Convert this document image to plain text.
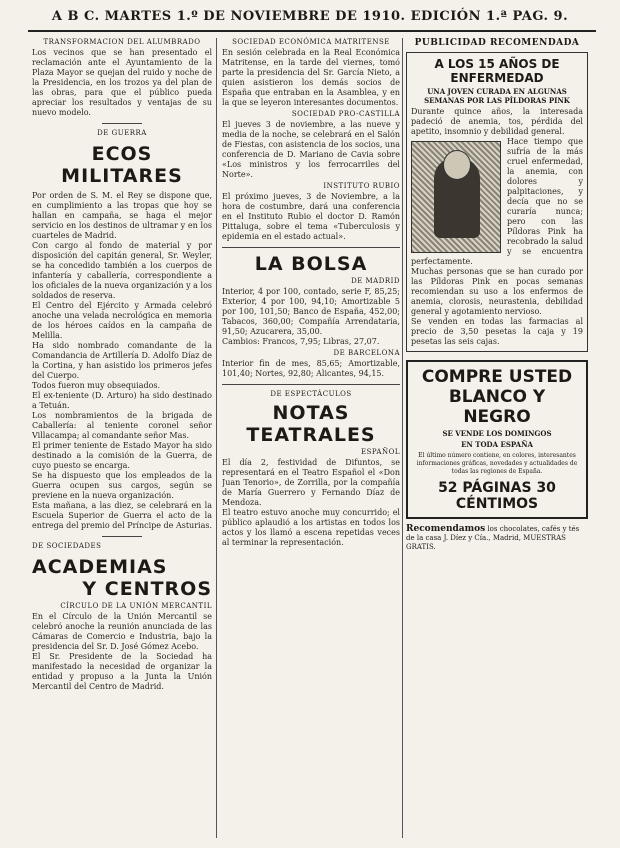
A B C. MARTES 1.º DE NOVIEMBRE DE 1910. EDICIÓN 1.ª PAG. 9.
TRANSFORMACION DEL ALUMBRADO

Los vecinos que se han presentado el reclamación ante el Ayuntamiento de la Plaza Mayor se quejan del ruido y noche de la Presidencia, en los trozos ya del plan de las obras, para que el público pueda apreciar los resultados y ventajas de su nuevo modelo.

DE GUERRA
ECOS MILITARES

Por orden de S. M. el Rey se dispone que, en cumplimiento a las tropas que hoy se hallan en campaña, se haga el mejor servicio en los destinos de ultramar y en los cuarteles de Madrid.

Con cargo al fondo de material y por disposición del capitán general, Sr. Weyler, se ha concedido también a los cuerpos de infantería y caballería, correspondiente a los oficiales de la nueva organización y a los soldados de reserva.

El Centro del Ejército y Armada celebró anoche una velada necrológica en memoria de los héroes caídos en la campaña de Melilla.

Ha sido nombrado comandante de la Comandancia de Artillería D. Adolfo Díaz de la Cortina, y han asistido los primeros jefes del Cuerpo.

Todos fueron muy obsequiados.

El ex-teniente (D. Arturo) ha sido destinado a Tetuán.

Los nombramientos de la brigada de Caballería: al teniente coronel señor Villacampa; al comandante señor Mas.

El primer teniente de Estado Mayor ha sido destinado a la comisión de la Guerra, de cuyo puesto se encarga.

Se ha dispuesto que los empleados de la Guerra ocupen sus cargos, según se previene en la nueva organización.

Esta mañana, a las diez, se celebrará en la Escuela Superior de Guerra el acto de la entrega del premio del Príncipe de Asturias.

DE SOCIEDADES
ACADEMIAS
Y CENTROS
CÍRCULO DE LA UNIÓN MERCANTIL

En el Círculo de la Unión Mercantil se celebró anoche la reunión anunciada de las Cámaras de Comercio e Industria, bajo la presidencia del Sr. D. José Gómez Acebo.

El Sr. Presidente de la Sociedad ha manifestado la necesidad de organizar la entidad y propuso a la Junta la Unión Mercantil del Centro de Madrid.

SOCIEDAD ECONÓMICA MATRITENSE

En sesión celebrada en la Real Económica Matritense, en la tarde del viernes, tomó parte la presidencia del Sr. García Nieto, a quien asistieron los demás socios de España que entraban en la Asamblea, y en la que se leyeron interesantes documentos.

SOCIEDAD PRO-CASTILLA

El jueves 3 de noviembre, a las nueve y media de la noche, se celebrará en el Salón de Fiestas, con asistencia de los socios, una conferencia de D. Mariano de Cavia sobre «Los ministros y los ferrocarriles del Norte».

INSTITUTO RUBIO

El próximo jueves, 3 de Noviembre, a la hora de costumbre, dará una conferencia en el Instituto Rubio el doctor D. Ramón Pittaluga, sobre el tema «Tuberculosis y epidemia en el estado actual».

LA BOLSA
DE MADRID

Interior, 4 por 100, contado, serie F, 85,25; Exterior, 4 por 100, 94,10; Amortizable 5 por 100, 101,50; Banco de España, 452,00; Tabacos, 360,00; Compañía Arrendataria, 91,50; Azucarera, 35,00.

Cambios: Francos, 7,95; Libras, 27,07.

DE BARCELONA

Interior fin de mes, 85,65; Amortizable, 101,40; Nortes, 92,80; Alicantes, 94,15.

DE ESPECTÁCULOS
NOTAS TEATRALES
ESPAÑOL

El día 2, festividad de Difuntos, se representará en el Teatro Español el «Don Juan Tenorio», de Zorrilla, por la compañía de María Guerrero y Fernando Díaz de Mendoza.

El teatro estuvo anoche muy concurrido; el público aplaudió a los artistas en todos los actos y los llamó a escena repetidas veces al terminar la representación.

PUBLICIDAD RECOMENDADA
A LOS 15 AÑOS DE ENFERMEDAD
UNA JOVEN CURADA EN ALGUNAS SEMANAS POR LAS PÍLDORAS PINK

Durante quince años, la interesada padeció de anemia, tos, pérdida del apetito, insomnio y debilidad general.

Hace tiempo que sufría de la más cruel enfermedad, la anemia, con dolores y palpitaciones, y decía que no se curaría nunca; pero con las Píldoras Pink ha recobrado la salud y se encuentra perfectamente.

Muchas personas que se han curado por las Píldoras Pink en pocas semanas recomiendan su uso a los enfermos de anemia, clorosis, neurastenia, debilidad general y agotamiento nervioso.

Se venden en todas las farmacias al precio de 3,50 pesetas la caja y 19 pesetas las seis cajas.

COMPRE USTED
BLANCO Y NEGRO
SE VENDE LOS DOMINGOS
EN TODA ESPAÑA
El último número contiene, en colores, interesantes informaciones gráficas, novedades y actualidades de todas las regiones de España.
52 PÁGINAS 30 CÉNTIMOS
Recomendamos los chocolates, cafés y tés de la casa J. Díez y Cía., Madrid, MUESTRAS GRATIS.
